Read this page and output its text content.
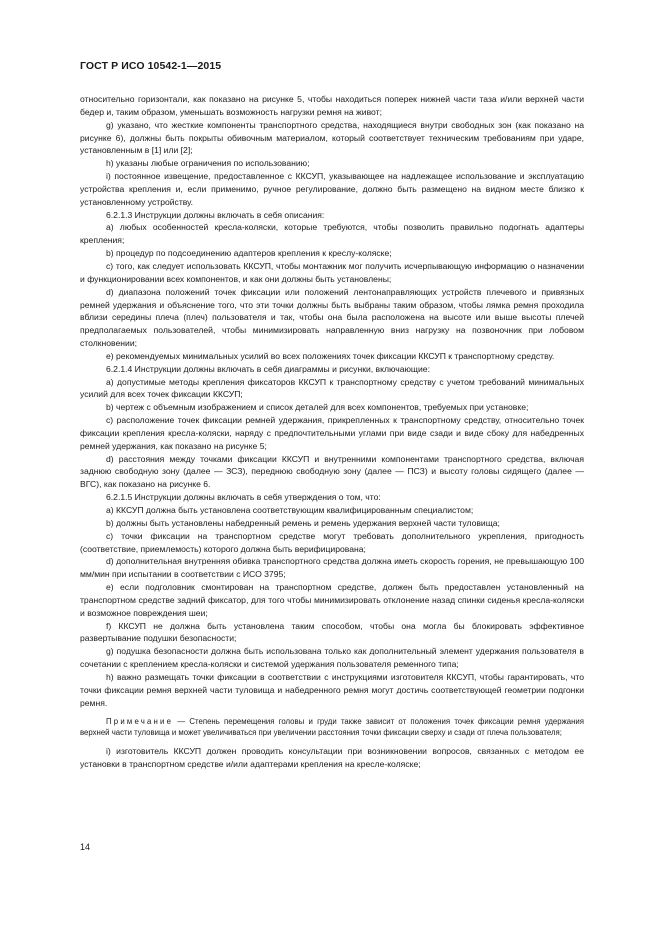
ГОСТ Р ИСО 10542-1—2015

относительно горизонтали, как показано на рисунке 5, чтобы находиться поперек нижней части таза и/или верхней части бедер и, таким образом, уменьшать возможность нагрузки ремня на живот;

g) указано, что жесткие компоненты транспортного средства, находящиеся внутри свободных зон (как показано на рисунке 6), должны быть покрыты обивочным материалом, который соответствует техническим требованиям при ударе, установленным в [1] или [2];

h) указаны любые ограничения по использованию;

i) постоянное извещение, предоставленное с ККСУП, указывающее на надлежащее использование и эксплуатацию устройства крепления и, если применимо, ручное регулирование, должно быть размещено на видном месте близко к установленному устройству.

6.2.1.3 Инструкции должны включать в себя описания:

a) любых особенностей кресла-коляски, которые требуются, чтобы позволить правильно подогнать адаптеры крепления;

b) процедур по подсоединению адаптеров крепления к креслу-коляске;

c) того, как следует использовать ККСУП, чтобы монтажник мог получить исчерпывающую информацию о назначении и функционировании всех компонентов, и как они должны быть установлены;

d) диапазона положений точек фиксации или положений лентонаправляющих устройств плечевого и привязных ремней удержания и объяснение того, что эти точки должны быть выбраны таким образом, чтобы лямка ремня проходила вблизи середины плеча (плеч) пользователя и так, чтобы она была расположена на высоте или выше высоты плечей предполагаемых пользователей, чтобы минимизировать направленную вниз нагрузку на позвоночник при лобовом столкновении;

e) рекомендуемых минимальных усилий во всех положениях точек фиксации ККСУП к транспортному средству.

6.2.1.4 Инструкции должны включать в себя диаграммы и рисунки, включающие:

a) допустимые методы крепления фиксаторов ККСУП к транспортному средству с учетом требований минимальных усилий для всех точек фиксации ККСУП;

b) чертеж с объемным изображением и список деталей для всех компонентов, требуемых при установке;

c) расположение точек фиксации ремней удержания, прикрепленных к транспортному средству, относительно точек фиксации крепления кресла-коляски, наряду с предпочтительными углами при виде сзади и виде сбоку для набедренных ремней удержания, как показано на рисунке 5;

d) расстояния между точками фиксации ККСУП и внутренними компонентами транспортного средства, включая заднюю свободную зону (далее — ЗСЗ), переднюю свободную зону (далее — ПСЗ) и высоту головы сидящего (далее — ВГС), как показано на рисунке 6.

6.2.1.5 Инструкции должны включать в себя утверждения о том, что:

a) ККСУП должна быть установлена соответствующим квалифицированным специалистом;

b) должны быть установлены набедренный ремень и ремень удержания верхней части туловища;

c) точки фиксации на транспортном средстве могут требовать дополнительного укрепления, пригодность (соответствие, приемлемость) которого должна быть верифицирована;

d) дополнительная внутренняя обивка транспортного средства должна иметь скорость горения, не превышающую 100 мм/мин при испытании в соответствии с ИСО 3795;

e) если подголовник смонтирован на транспортном средстве, должен быть предоставлен установленный на транспортном средстве задний фиксатор, для того чтобы минимизировать отклонение назад спинки сиденья кресла-коляски и возможное повреждения шеи;

f) ККСУП не должна быть установлена таким способом, чтобы она могла бы блокировать эффективное развертывание подушки безопасности;

g) подушка безопасности должна быть использована только как дополнительный элемент удержания пользователя в сочетании с креплением кресла-коляски и системой удержания пользователя ременного типа;

h) важно размещать точки фиксации в соответствии с инструкциями изготовителя ККСУП, чтобы гарантировать, что точки фиксации ремня верхней части туловища и набедренного ремня могут достичь соответствующей геометрии подгонки ремня.

Примечание — Степень перемещения головы и груди также зависит от положения точек фиксации ремня удержания верхней части туловища и может увеличиваться при увеличении расстояния точки фиксации сверху и сзади от плеча пользователя;

i) изготовитель ККСУП должен проводить консультации при возникновении вопросов, связанных с методом ее установки в транспортном средстве и/или адаптерами крепления на кресле-коляске;

14
